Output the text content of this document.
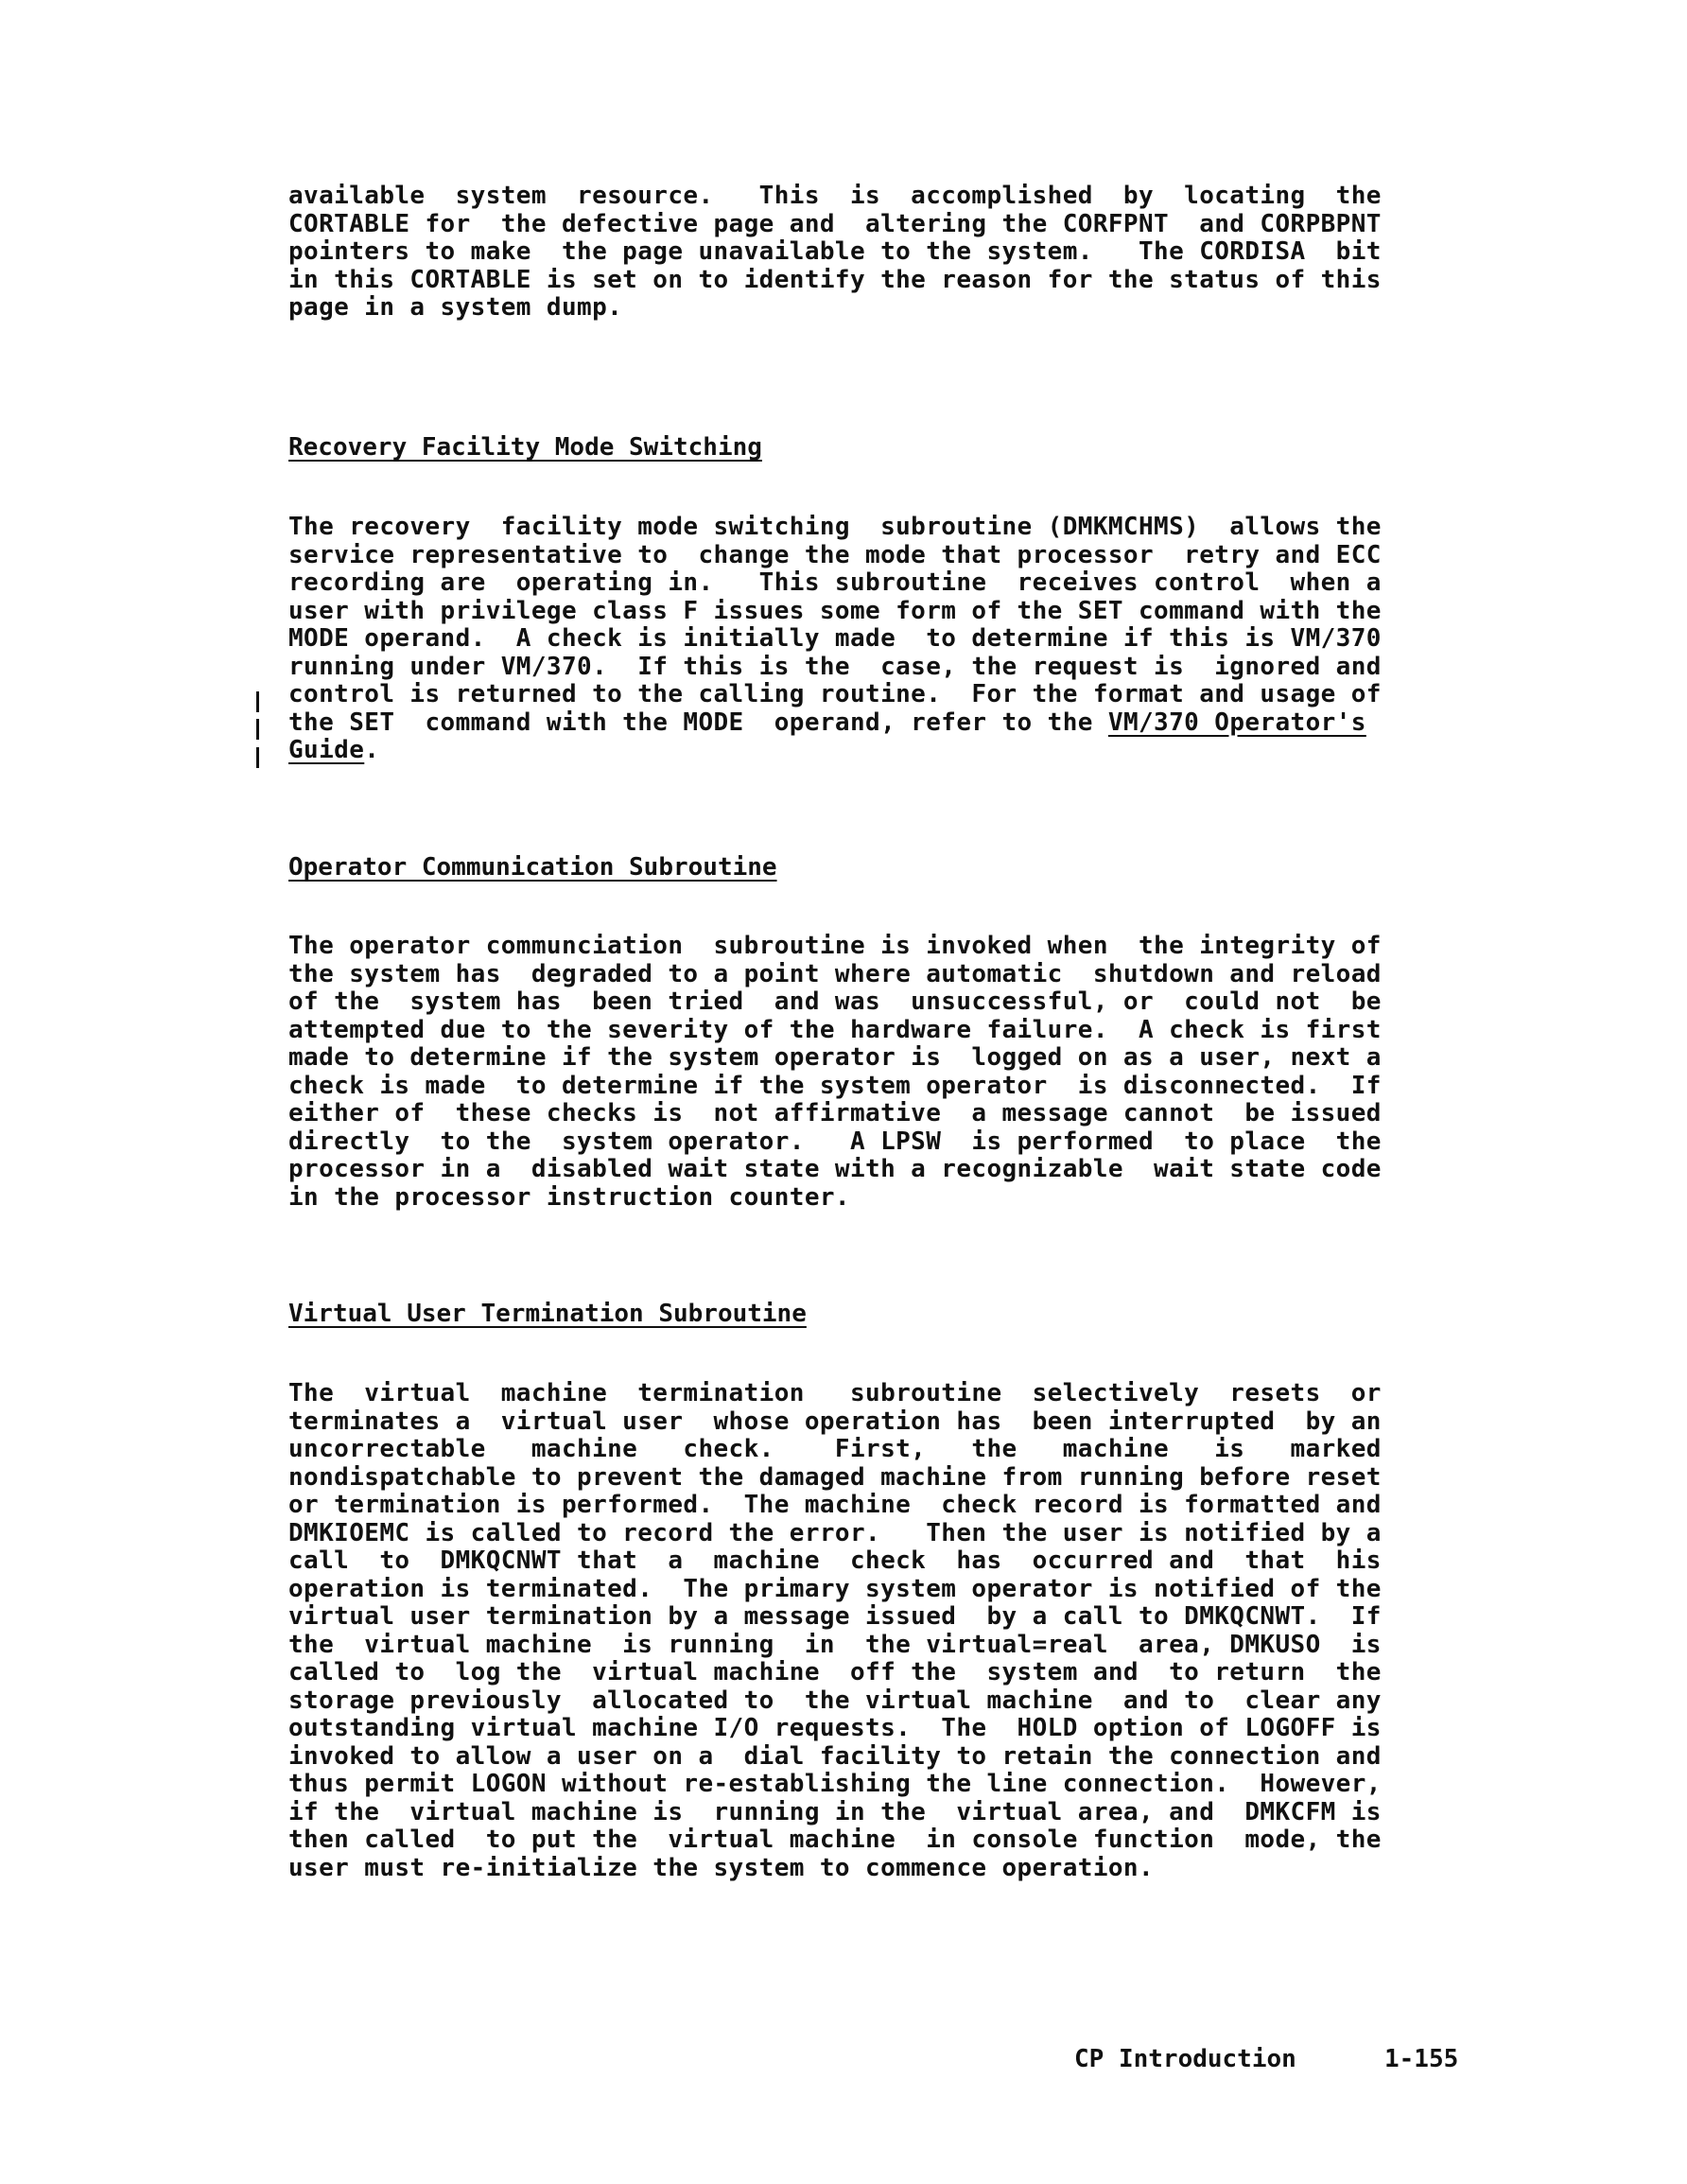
available  system  resource.   This  is  accomplished  by  locating  the
CORTABLE for  the defective page and  altering the CORFPNT  and CORPBPNT
pointers to make  the page unavailable to the system.   The CORDISA  bit
in this CORTABLE is set on to identify the reason for the status of this
page in a system dump.
Recovery Facility Mode Switching
The recovery  facility mode switching  subroutine (DMKMCHMS)  allows the
service representative to  change the mode that processor  retry and ECC
recording are  operating in.   This subroutine  receives control  when a
user with privilege class F issues some form of the SET command with the
MODE operand.  A check is initially made  to determine if this is VM/370
running under VM/370.  If this is the  case, the request is  ignored and
control is returned to the calling routine.  For the format and usage of
the SET  command with the MODE  operand, refer to the VM/370 Operator's
Guide.
Operator Communication Subroutine
The operator communciation  subroutine is invoked when  the integrity of
the system has  degraded to a point where automatic  shutdown and reload
of the  system has  been tried  and was  unsuccessful, or  could not  be
attempted due to the severity of the hardware failure.  A check is first
made to determine if the system operator is  logged on as a user, next a
check is made  to determine if the system operator  is disconnected.  If
either of  these checks is  not affirmative  a message cannot  be issued
directly  to the  system operator.   A LPSW  is performed  to place  the
processor in a  disabled wait state with a recognizable  wait state code
in the processor instruction counter.
Virtual User Termination Subroutine
The  virtual  machine  termination   subroutine  selectively  resets  or
terminates a  virtual user  whose operation has  been interrupted  by an
uncorrectable   machine   check.    First,   the   machine   is   marked
nondispatchable to prevent the damaged machine from running before reset
or termination is performed.  The machine  check record is formatted and
DMKIOEMC is called to record the error.   Then the user is notified by a
call  to  DMKQCNWT that  a  machine  check  has  occurred and  that  his
operation is terminated.  The primary system operator is notified of the
virtual user termination by a message issued  by a call to DMKQCNWT.  If
the  virtual machine  is running  in  the virtual=real  area, DMKUSO  is
called to  log the  virtual machine  off the  system and  to return  the
storage previously  allocated to  the virtual machine  and to  clear any
outstanding virtual machine I/O requests.  The  HOLD option of LOGOFF is
invoked to allow a user on a  dial facility to retain the connection and
thus permit LOGON without re-establishing the line connection.  However,
if the  virtual machine is  running in the  virtual area, and  DMKCFM is
then called  to put the  virtual machine  in console function  mode, the
user must re-initialize the system to commence operation.
CP Introduction	1-155
